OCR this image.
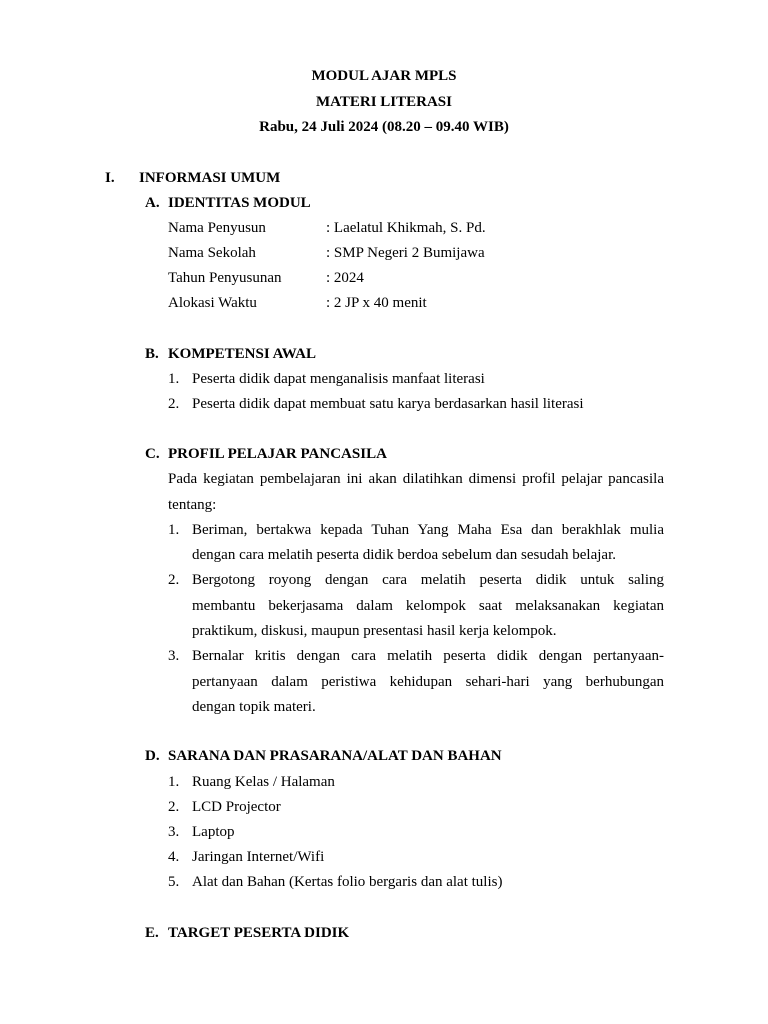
MODUL AJAR MPLS

MATERI LITERASI

Rabu, 24 Juli 2024 (08.20 – 09.40 WIB)

I. INFORMASI UMUM
A. IDENTITAS MODUL
Nama Penyusun	: Laelatul Khikmah, S. Pd.
Nama Sekolah	: SMP Negeri 2 Bumijawa
Tahun Penyusunan	: 2024
Alokasi Waktu	: 2 JP x 40 menit
B. KOMPETENSI AWAL
1. Peserta didik dapat menganalisis manfaat literasi
2. Peserta didik dapat membuat satu karya berdasarkan hasil literasi
C. PROFIL PELAJAR PANCASILA

Pada kegiatan pembelajaran ini akan dilatihkan dimensi profil pelajar pancasila

tentang:
1. Beriman, bertakwa kepada Tuhan Yang Maha Esa dan berakhlak mulia

dengan cara melatih peserta didik berdoa sebelum dan sesudah belajar.
2. Bergotong royong dengan cara melatih peserta didik untuk saling

membantu bekerjasama dalam kelompok saat melaksanakan kegiatan

praktikum, diskusi, maupun presentasi hasil kerja kelompok.
3. Bernalar kritis dengan cara melatih peserta didik dengan pertanyaan-

pertanyaan dalam peristiwa kehidupan sehari-hari yang berhubungan

dengan topik materi.
D. SARANA DAN PRASARANA/ALAT DAN BAHAN
1. Ruang Kelas / Halaman
2. LCD Projector
3. Laptop
4. Jaringan Internet/Wifi
5. Alat dan Bahan (Kertas folio bergaris dan alat tulis)
E. TARGET PESERTA DIDIK
